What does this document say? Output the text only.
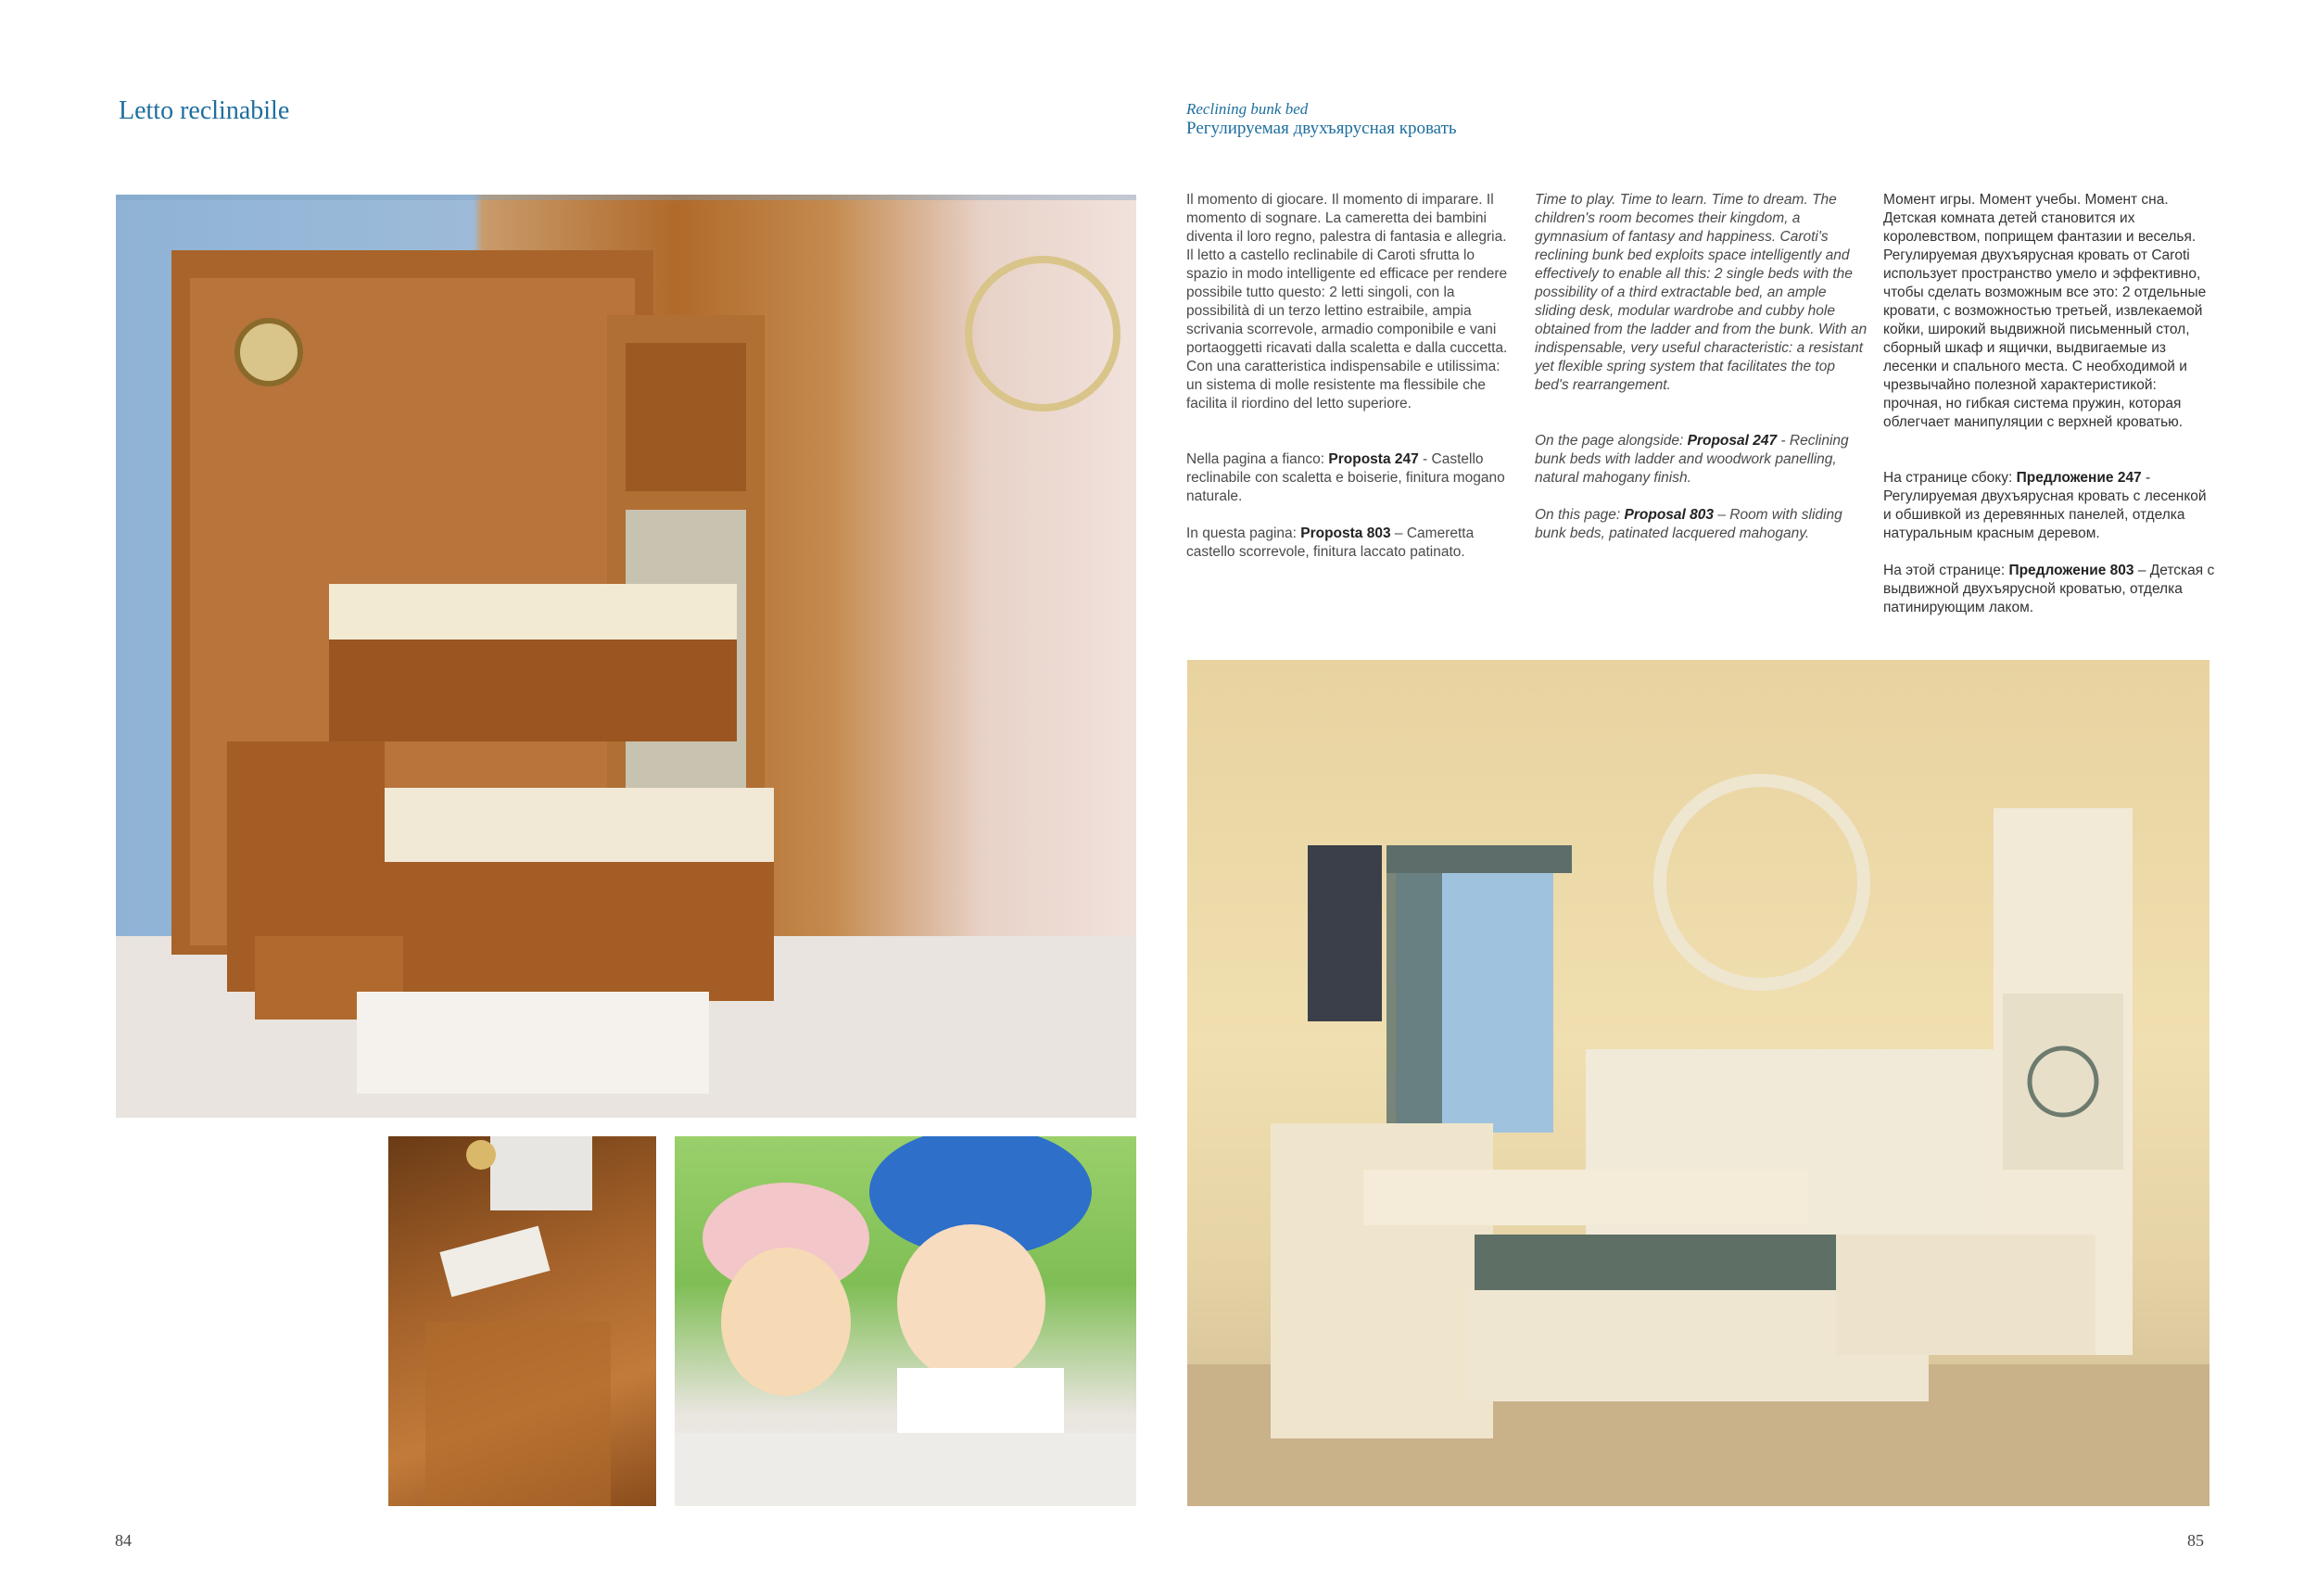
Letto reclinabile	Reclining bunk bed
Регулируемая двухъярусная кровать

Il momento di giocare. Il momento di imparare. Il momento di sognare. La cameretta dei bambini diventa il loro regno, palestra di fantasia e allegria. Il letto a castello reclinabile di Caroti sfrutta lo spazio in modo intelligente ed efficace per rendere possibile tutto questo: 2 letti singoli, con la possibilità di un terzo lettino estraibile, ampia scrivania scorrevole, armadio componibile e vani portaoggetti ricavati dalla scaletta e dalla cuccetta. Con una caratteristica indispensabile e utilissima: un sistema di molle resistente ma flessibile che facilita il riordino del letto superiore.

Nella pagina a fianco: Proposta 247 - Castello reclinabile con scaletta e boiserie, finitura mogano naturale.

In questa pagina: Proposta 803 – Cameretta castello scorrevole, finitura laccato patinato.

Time to play. Time to learn. Time to dream. The children's room becomes their kingdom, a gymnasium of fantasy and happiness. Caroti's reclining bunk bed exploits space intelligently and effectively to enable all this: 2 single beds with the possibility of a third extractable bed, an ample sliding desk, modular wardrobe and cubby hole obtained from the ladder and from the bunk. With an indispensable, very useful characteristic: a resistant yet flexible spring system that facilitates the top bed's rearrangement.

On the page alongside: Proposal 247 - Reclining bunk beds with ladder and woodwork panelling, natural mahogany finish.

On this page: Proposal 803 – Room with sliding bunk beds, patinated lacquered mahogany.

Момент игры. Момент учебы. Момент сна. Детская комната детей становится их королевством, поприщем фантазии и веселья. Регулируемая двухъярусная кровать от Caroti использует пространство умело и эффективно, чтобы сделать возможным все это: 2 отдельные кровати, с возможностью третьей, извлекаемой койки, широкий выдвижной письменный стол, сборный шкаф и ящички, выдвигаемые из лесенки и спального места. С необходимой и чрезвычайно полезной характеристикой: прочная, но гибкая система пружин, которая облегчает манипуляции с верхней кроватью.

На странице сбоку: Предложение 247 - Регулируемая двухъярусная кровать с лесенкой и обшивкой из деревянных панелей, отделка натуральным красным деревом.

На этой странице: Предложение 803 – Детская с выдвижной двухъярусной кроватью, отделка патинирующим лаком.

84	85
